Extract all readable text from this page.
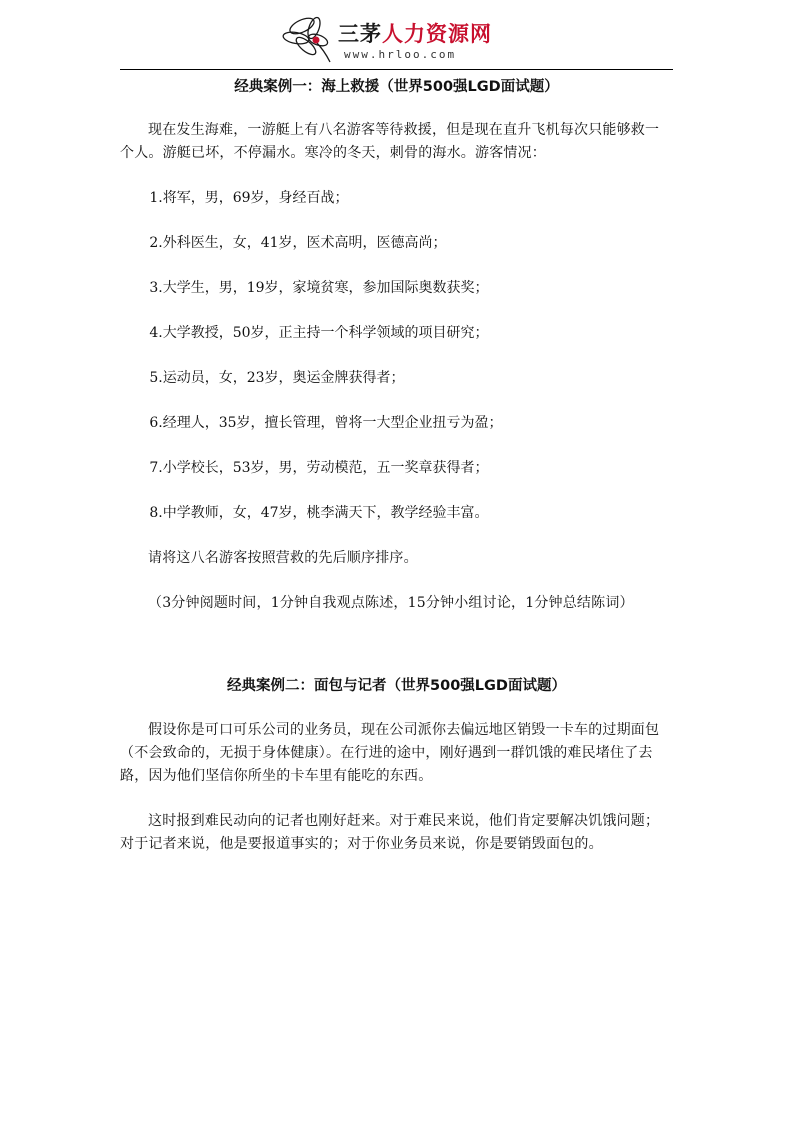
三茅人力资源网
www.hrloo.com
经典案例一：海上救援（世界500强LGD面试题）

现在发生海难，一游艇上有八名游客等待救援，但是现在直升飞机每次只能够救一个人。游艇已坏，不停漏水。寒冷的冬天，刺骨的海水。游客情况：

1.将军，男，69岁，身经百战；

2.外科医生，女，41岁，医术高明，医德高尚；

3.大学生，男，19岁，家境贫寒，参加国际奥数获奖；

4.大学教授，50岁，正主持一个科学领域的项目研究；

5.运动员，女，23岁，奥运金牌获得者；

6.经理人，35岁，擅长管理，曾将一大型企业扭亏为盈；

7.小学校长，53岁，男，劳动模范，五一奖章获得者；

8.中学教师，女，47岁，桃李满天下，教学经验丰富。

请将这八名游客按照营救的先后顺序排序。

（3分钟阅题时间，1分钟自我观点陈述，15分钟小组讨论，1分钟总结陈词）

经典案例二：面包与记者（世界500强LGD面试题）

假设你是可口可乐公司的业务员，现在公司派你去偏远地区销毁一卡车的过期面包（不会致命的，无损于身体健康）。在行进的途中，刚好遇到一群饥饿的难民堵住了去路，因为他们坚信你所坐的卡车里有能吃的东西。

这时报到难民动向的记者也刚好赶来。对于难民来说，他们肯定要解决饥饿问题；对于记者来说，他是要报道事实的；对于你业务员来说，你是要销毁面包的。
